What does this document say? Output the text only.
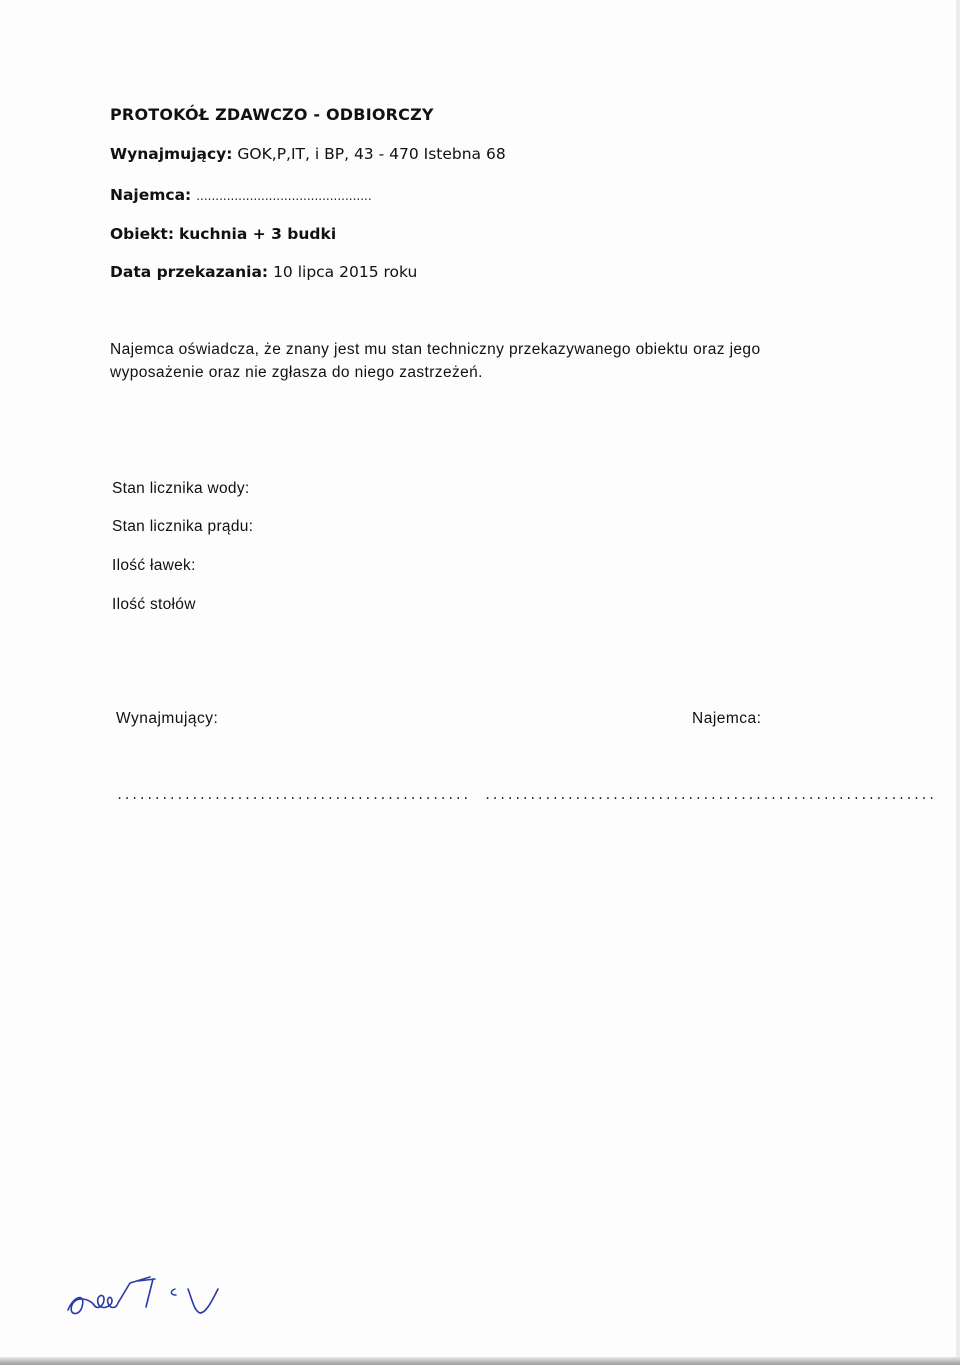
PROTOKÓŁ ZDAWCZO - ODBIORCZY
Wynajmujący: GOK,P,IT, i BP, 43 - 470 Istebna 68
Najemca: ..............................................
Obiekt: kuchnia + 3 budki
Data przekazania: 10 lipca 2015 roku
Najemca oświadcza, że znany jest mu stan techniczny przekazywanego obiektu oraz jego
wyposażenie oraz nie zgłasza do niego zastrzeżeń.
Stan licznika wody:
Stan licznika prądu:
Ilość ławek:
Ilość stołów
Wynajmujący:	Najemca:
............................................... ............................................................
